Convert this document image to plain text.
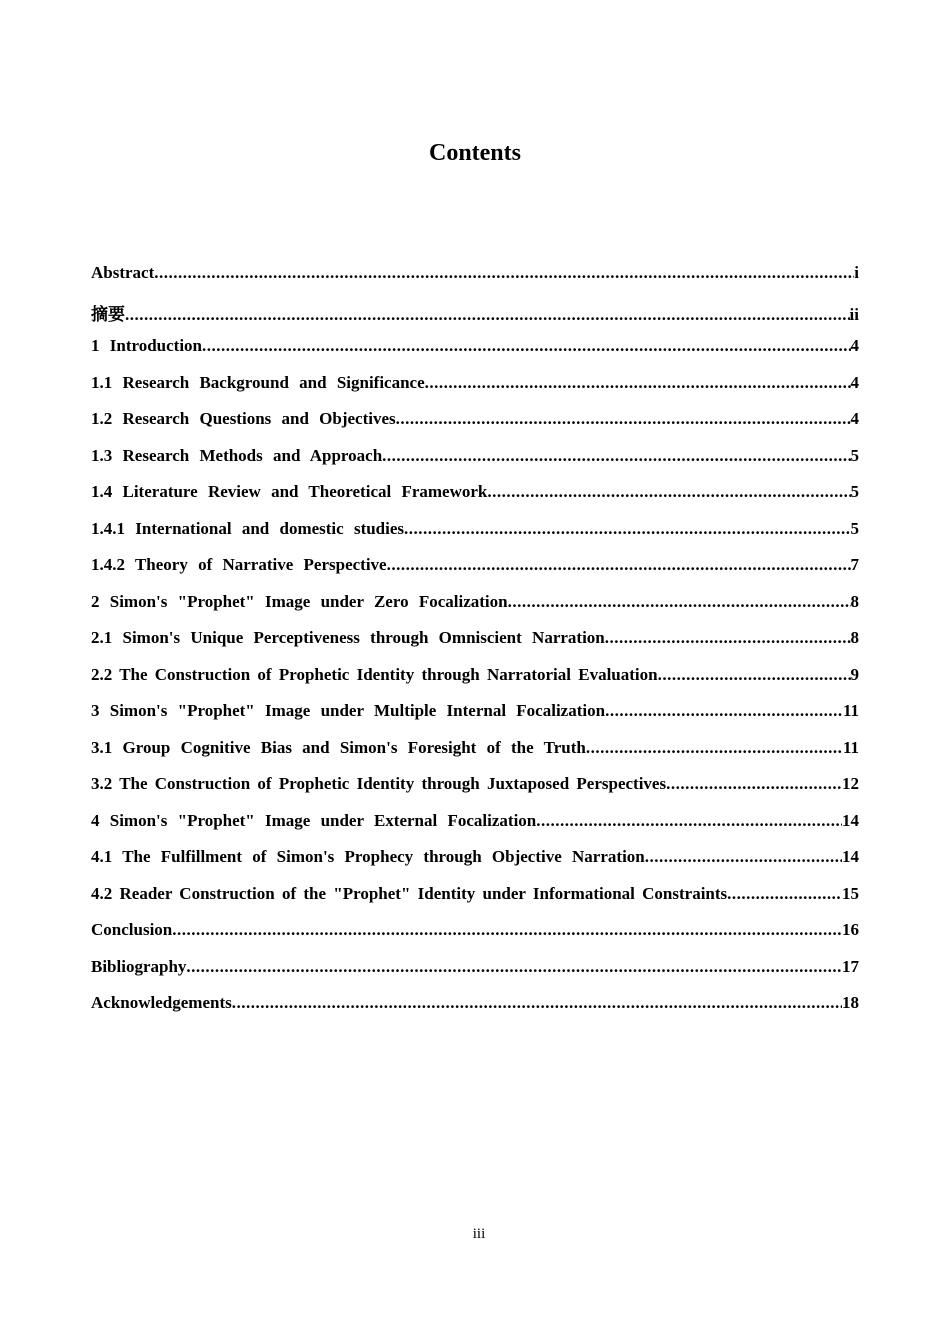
Contents
Abstract .....	i
摘要 .....	ii
1 Introduction .....	4
1.1 Research Background and Significance .....	4
1.2 Research Questions and Objectives .....	4
1.3 Research Methods and Approach .....	5
1.4 Literature Review and Theoretical Framework .....	5
1.4.1 International and domestic studies .....	5
1.4.2 Theory of Narrative Perspective .....	7
2 Simon's "Prophet" Image under Zero Focalization .....	8
2.1 Simon's Unique Perceptiveness through Omniscient Narration .....	8
2.2 The Construction of Prophetic Identity through Narratorial Evaluation .....	9
3 Simon's "Prophet" Image under Multiple Internal Focalization .....	11
3.1 Group Cognitive Bias and Simon's Foresight of the Truth .....	11
3.2 The Construction of Prophetic Identity through Juxtaposed Perspectives .....	12
4 Simon's "Prophet" Image under External Focalization .....	14
4.1 The Fulfillment of Simon's Prophecy through Objective Narration .....	14
4.2 Reader Construction of the "Prophet" Identity under Informational Constraints .....	15
Conclusion .....	16
Bibliography .....	17
Acknowledgements .....	18
iii
